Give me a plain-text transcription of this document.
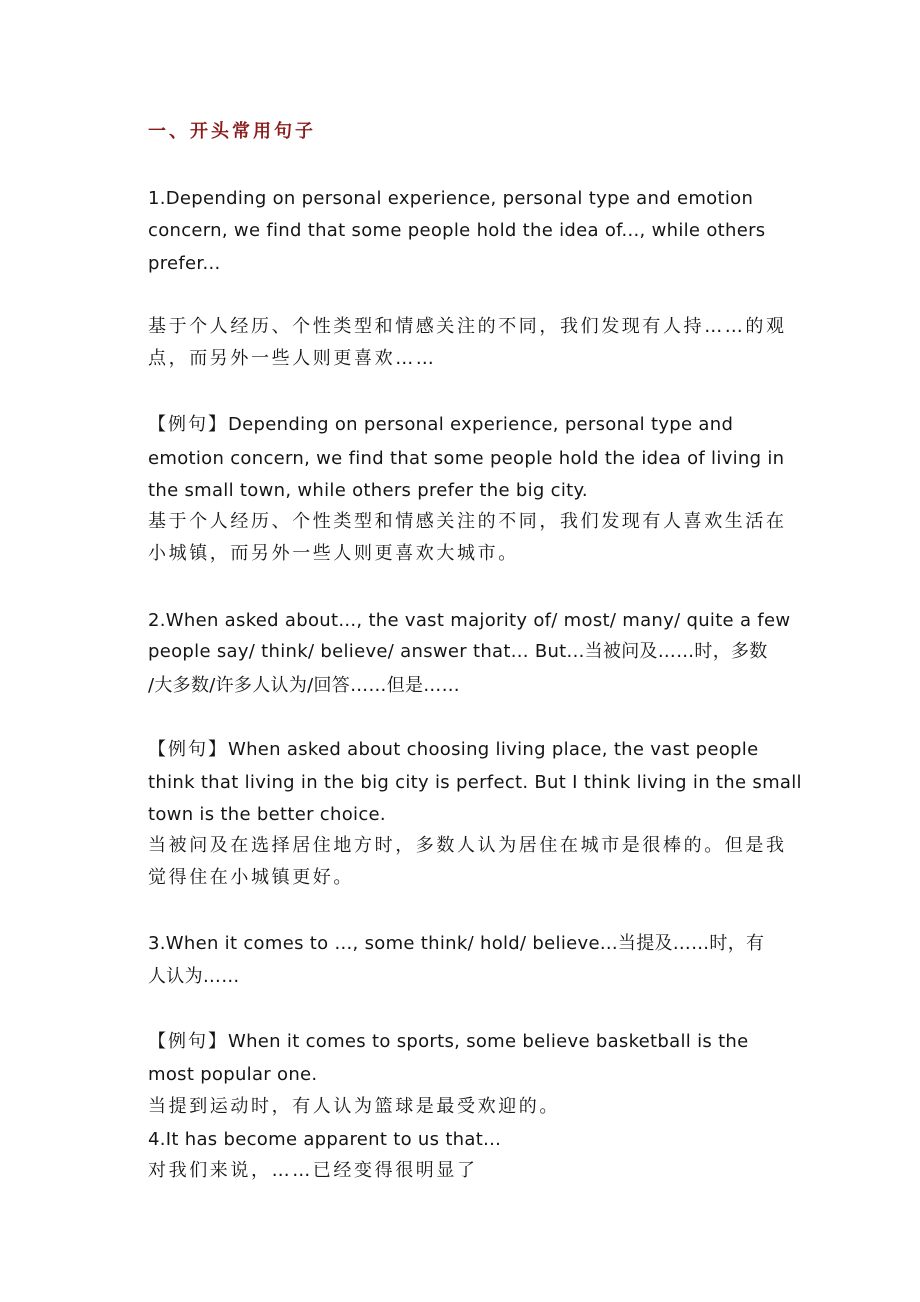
一、开头常用句子

1.Depending on personal experience, personal type and emotion

concern, we find that some people hold the idea of..., while others

prefer...

基于个人经历、个性类型和情感关注的不同，我们发现有人持……的观

点，而另外一些人则更喜欢……

【例句】Depending on personal experience, personal type and

emotion concern, we find that some people hold the idea of living in

the small town, while others prefer the big city.

基于个人经历、个性类型和情感关注的不同，我们发现有人喜欢生活在

小城镇，而另外一些人则更喜欢大城市。

2.When asked about..., the vast majority of/ most/ many/ quite a few

people say/ think/ believe/ answer that... But...当被问及……时，多数

/大多数/许多人认为/回答……但是……

【例句】When asked about choosing living place, the vast people

think that living in the big city is perfect. But I think living in the small

town is the better choice.

当被问及在选择居住地方时，多数人认为居住在城市是很棒的。但是我

觉得住在小城镇更好。

3.When it comes to ..., some think/ hold/ believe...当提及……时，有

人认为……

【例句】When it comes to sports, some believe basketball is the

most popular one.

当提到运动时，有人认为篮球是最受欢迎的。

4.It has become apparent to us that...

对我们来说，……已经变得很明显了
